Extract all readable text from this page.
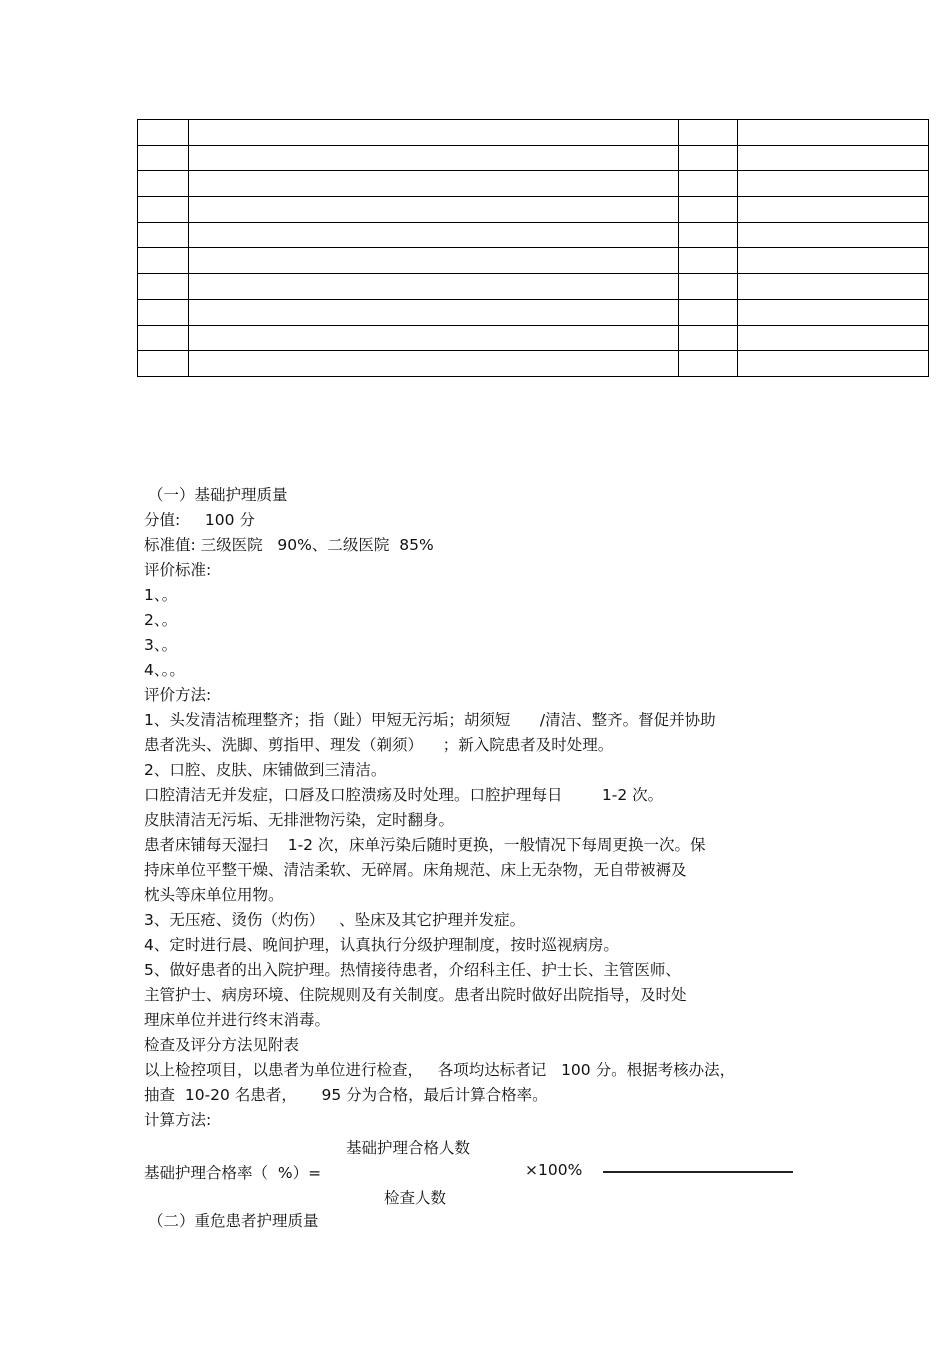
（一）基础护理质量
分值:     100 分
标准值: 三级医院   90%、二级医院  85%
评价标准:
1、。
2、。
3、。
4、。。
评价方法:
1、头发清洁梳理整齐；指（趾）甲短无污垢；胡须短      /清洁、整齐。督促并协助
患者洗头、洗脚、剪指甲、理发（剃须）    ；新入院患者及时处理。
2、口腔、皮肤、床铺做到三清洁。
口腔清洁无并发症，口唇及口腔溃疡及时处理。口腔护理每日        1-2 次。
皮肤清洁无污垢、无排泄物污染，定时翻身。
患者床铺每天湿扫    1-2 次，床单污染后随时更换，一般情况下每周更换一次。保
持床单位平整干燥、清洁柔软、无碎屑。床角规范、床上无杂物，无自带被褥及
枕头等床单位用物。
3、无压疮、烫伤（灼伤）   、坠床及其它护理并发症。
4、定时进行晨、晚间护理，认真执行分级护理制度，按时巡视病房。
5、做好患者的出入院护理。热情接待患者，介绍科主任、护士长、主管医师、
主管护士、病房环境、住院规则及有关制度。患者出院时做好出院指导，及时处
理床单位并进行终末消毒。
检查及评分方法见附表
以上检控项目，以患者为单位进行检查，   各项均达标者记   100 分。根据考核办法，
抽查  10-20 名患者，     95 分为合格，最后计算合格率。
计算方法:
基础护理合格人数
基础护理合格率（  %）=	×100%
检查人数
（二）重危患者护理质量
